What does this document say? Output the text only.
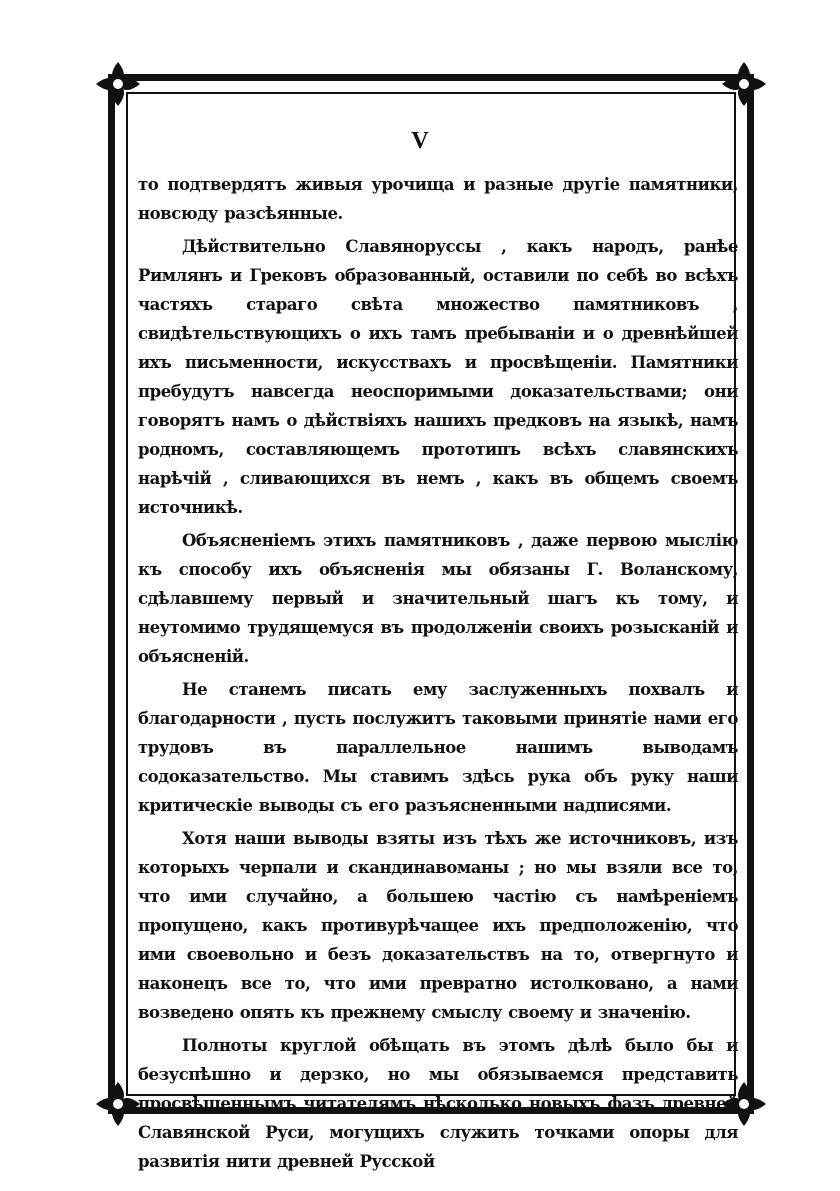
V

то подтвердятъ живыя урочища и разные другіе памятники, новсюду разсѣянные.

Дѣйствительно Славяноруссы , какъ народъ, ранѣе Римлянъ и Грековъ образованный, оставили по себѣ во всѣхъ частяхъ стараго свѣта множество памятниковъ , свидѣтельствующихъ о ихъ тамъ пребываніи и о древнѣйшей ихъ письменности, искусствахъ и просвѣщеніи. Памятники пребудутъ навсегда неоспоримыми доказательствами; они говорятъ намъ о дѣйствіяхъ нашихъ предковъ на языкѣ, намъ родномъ, составляющемъ прототипъ всѣхъ славянскихъ нарѣчій , сливающихся въ немъ , какъ въ общемъ своемъ источникѣ.

Объясненіемъ этихъ памятниковъ , даже первою мыслію къ способу ихъ объясненія мы обязаны Г. Воланскому, сдѣлавшему первый и значительный шагъ къ тому, и неутомимо трудящемуся въ продолженіи своихъ розысканій и объясненій.

Не станемъ писать ему заслуженныхъ похвалъ и благодарности , пусть послужитъ таковыми принятіе нами его трудовъ въ параллельное нашимъ выводамъ содоказательство. Мы ставимъ здѣсь рука объ руку наши критическіе выводы съ его разъясненными надписями.

Хотя наши выводы взяты изъ тѣхъ же источниковъ, изъ которыхъ черпали и скандинавоманы ; но мы взяли все то, что ими случайно, а большею частію съ намѣреніемъ пропущено, какъ противурѣчащее ихъ предположенію, что ими своевольно и безъ доказательствъ на то, отвергнуто и наконецъ все то, что ими превратно истолковано, а нами возведено опять къ прежнему смыслу своему и значенію.

Полноты круглой обѣщать въ этомъ дѣлѣ было бы и безуспѣшно и дерзко, но мы обязываемся представить просвѣщеннымъ читателямъ нѣсколько новыхъ фазъ древней Славянской Руси, могущихъ служить точками опоры для развитія нити древней Русской
